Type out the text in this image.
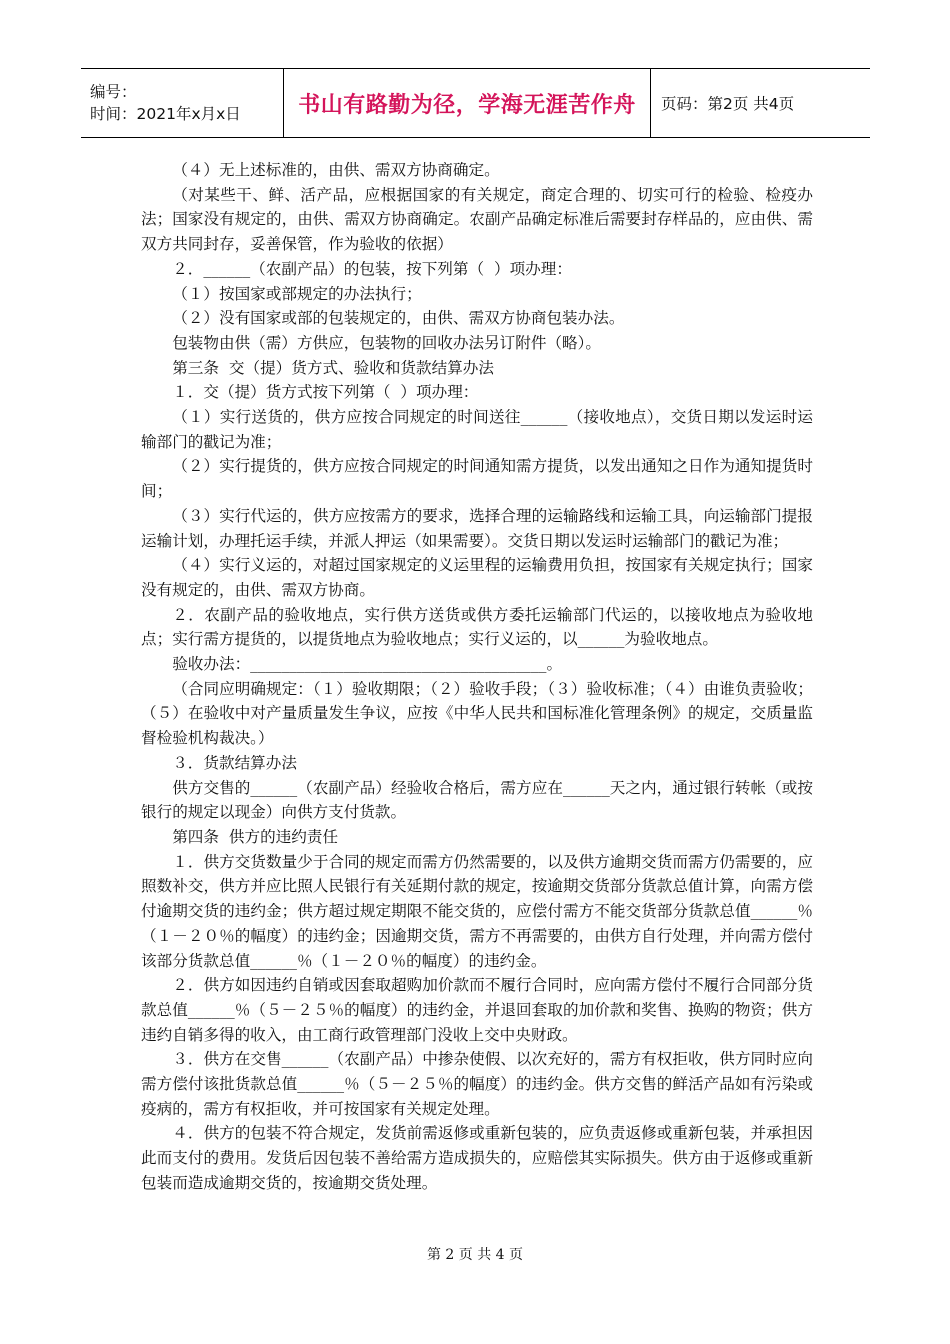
编号：
时间：2021年x月x日	书山有路勤为径，学海无涯苦作舟 页码：第2页 共4页

（４）无上述标准的，由供、需双方协商确定。

（对某些干、鲜、活产品，应根据国家的有关规定，商定合理的、切实可行的检验、检疫办法；国家没有规定的，由供、需双方协商确定。农副产品确定标准后需要封存样品的，应由供、需双方共同封存，妥善保管，作为验收的依据）

２．______（农副产品）的包装，按下列第（  ）项办理：

（１）按国家或部规定的办法执行；

（２）没有国家或部的包装规定的，由供、需双方协商包装办法。

包装物由供（需）方供应，包装物的回收办法另订附件（略）。

第三条  交（提）货方式、验收和货款结算办法

１．交（提）货方式按下列第（  ）项办理：

（１）实行送货的，供方应按合同规定的时间送往______（接收地点），交货日期以发运时运输部门的戳记为准；

（２）实行提货的，供方应按合同规定的时间通知需方提货，以发出通知之日作为通知提货时间；

（３）实行代运的，供方应按需方的要求，选择合理的运输路线和运输工具，向运输部门提报运输计划，办理托运手续，并派人押运（如果需要）。交货日期以发运时运输部门的戳记为准；

（４）实行义运的，对超过国家规定的义运里程的运输费用负担，按国家有关规定执行；国家没有规定的，由供、需双方协商。

２．农副产品的验收地点，实行供方送货或供方委托运输部门代运的，以接收地点为验收地点；实行需方提货的，以提货地点为验收地点；实行义运的，以______为验收地点。

验收办法：______________________________________。

（合同应明确规定：（１）验收期限；（２）验收手段；（３）验收标准；（４）由谁负责验收；（５）在验收中对产量质量发生争议，应按《中华人民共和国标准化管理条例》的规定，交质量监督检验机构裁决。）

３．货款结算办法

供方交售的______（农副产品）经验收合格后，需方应在______天之内，通过银行转帐（或按银行的规定以现金）向供方支付货款。

第四条  供方的违约责任

１．供方交货数量少于合同的规定而需方仍然需要的，以及供方逾期交货而需方仍需要的，应照数补交，供方并应比照人民银行有关延期付款的规定，按逾期交货部分货款总值计算，向需方偿付逾期交货的违约金；供方超过规定期限不能交货的，应偿付需方不能交货部分货款总值______％（１－２０％的幅度）的违约金；因逾期交货，需方不再需要的，由供方自行处理，并向需方偿付该部分货款总值______％（１－２０％的幅度）的违约金。

２．供方如因违约自销或因套取超购加价款而不履行合同时，应向需方偿付不履行合同部分货款总值______％（５－２５％的幅度）的违约金，并退回套取的加价款和奖售、换购的物资；供方违约自销多得的收入，由工商行政管理部门没收上交中央财政。

３．供方在交售______（农副产品）中掺杂使假、以次充好的，需方有权拒收，供方同时应向需方偿付该批货款总值______％（５－２５％的幅度）的违约金。供方交售的鲜活产品如有污染或疫病的，需方有权拒收，并可按国家有关规定处理。

４．供方的包装不符合规定，发货前需返修或重新包装的，应负责返修或重新包装，并承担因此而支付的费用。发货后因包装不善给需方造成损失的，应赔偿其实际损失。供方由于返修或重新包装而造成逾期交货的，按逾期交货处理。

第 2 页 共 4 页
